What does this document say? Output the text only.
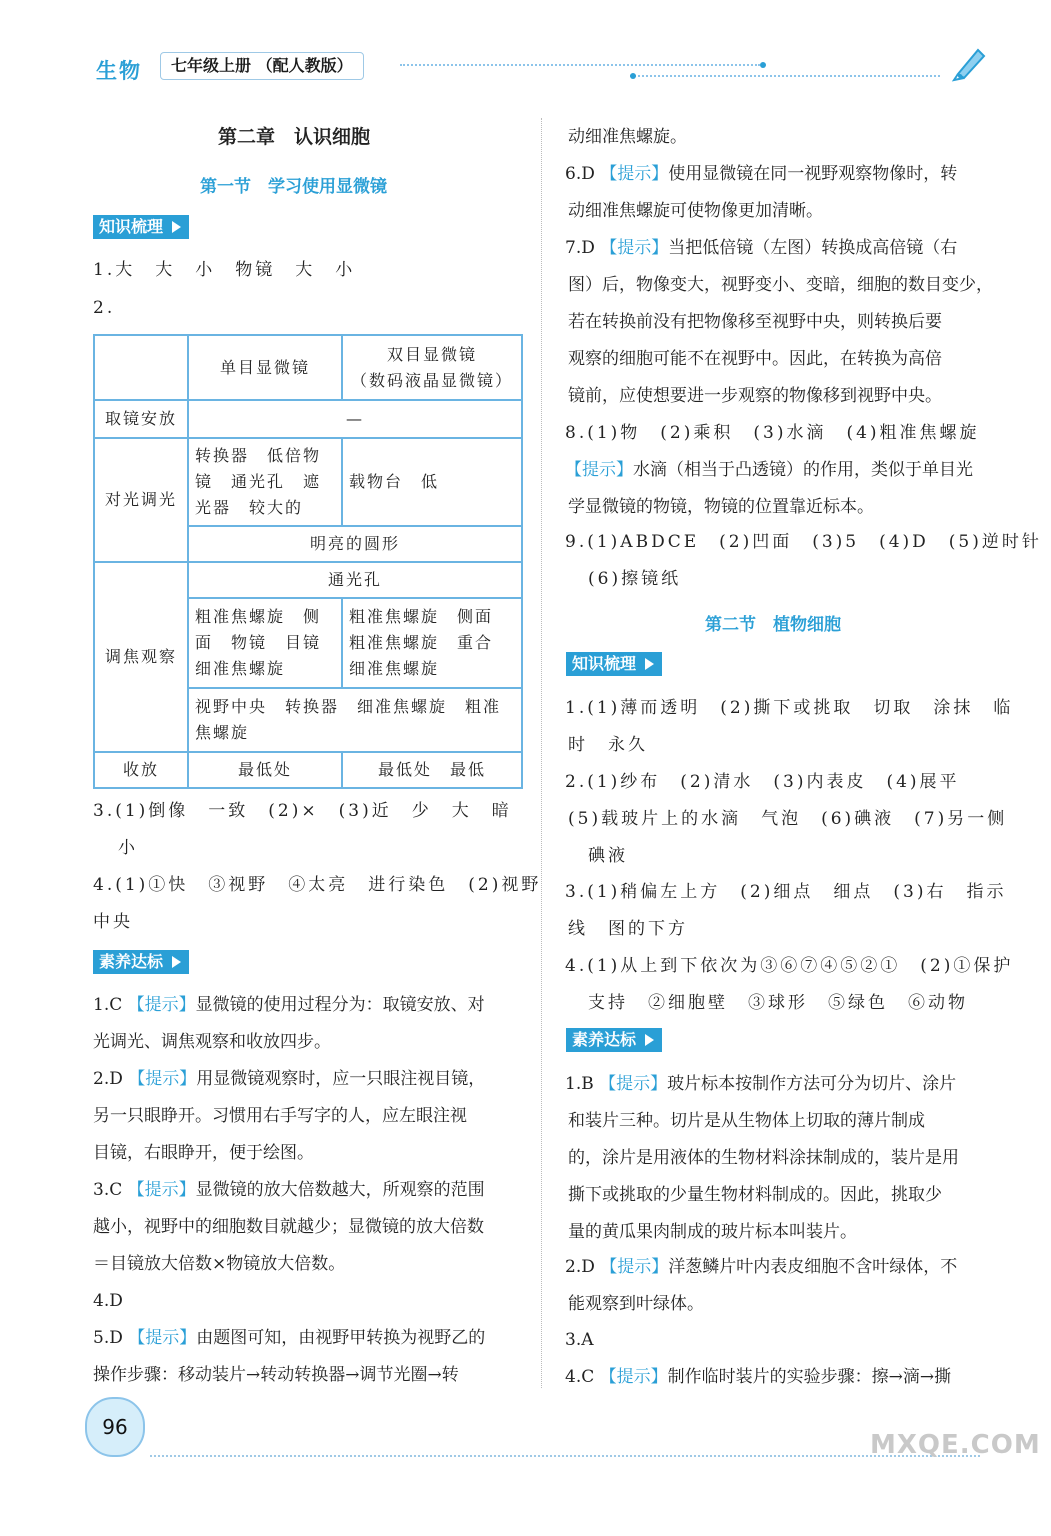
生物	七年级上册 （配人教版）
第二章　认识细胞
第一节　学习使用显微镜
知识梳理
1.大　大　小　物镜　大　小
2.
	单目显微镜	双目显微镜
（数码液晶显微镜）
取镜安放	—	
对光调光	转换器　低倍物镜　通光孔　遮光器　较大的	载物台　低
	明亮的圆形	
调焦观察	通光孔	
	粗准焦螺旋　侧面　物镜　目镜　细准焦螺旋	粗准焦螺旋　侧面　粗准焦螺旋　重合　细准焦螺旋
	视野中央　转换器　细准焦螺旋　粗准焦螺旋	
收放	最低处	最低处　最低
3.(1)倒像　一致　(2)×　(3)近　少　大　暗
小
4.(1)①快　③视野　④太亮　进行染色　(2)视野
中央
素养达标
1.C 【提示】显微镜的使用过程分为：取镜安放、对
光调光、调焦观察和收放四步。
2.D 【提示】用显微镜观察时，应一只眼注视目镜，
另一只眼睁开。习惯用右手写字的人，应左眼注视
目镜，右眼睁开，便于绘图。
3.C 【提示】显微镜的放大倍数越大，所观察的范围
越小，视野中的细胞数目就越少；显微镜的放大倍数
＝目镜放大倍数×物镜放大倍数。
4.D
5.D 【提示】由题图可知，由视野甲转换为视野乙的
操作步骤：移动装片→转动转换器→调节光圈→转
动细准焦螺旋。
6.D 【提示】使用显微镜在同一视野观察物像时，转
动细准焦螺旋可使物像更加清晰。
7.D 【提示】当把低倍镜（左图）转换成高倍镜（右
图）后，物像变大，视野变小、变暗，细胞的数目变少，
若在转换前没有把物像移至视野中央，则转换后要
观察的细胞可能不在视野中。因此，在转换为高倍
镜前，应使想要进一步观察的物像移到视野中央。
8.(1)物　(2)乘积　(3)水滴　(4)粗准焦螺旋
【提示】水滴（相当于凸透镜）的作用，类似于单目光
学显微镜的物镜，物镜的位置靠近标本。
9.(1)ABDCE　(2)凹面　(3)5　(4)D　(5)逆时针
(6)擦镜纸
第二节　植物细胞
知识梳理
1.(1)薄而透明　(2)撕下或挑取　切取　涂抹　临
时　永久
2.(1)纱布　(2)清水　(3)内表皮　(4)展平
(5)载玻片上的水滴　气泡　(6)碘液　(7)另一侧
碘液
3.(1)稍偏左上方　(2)细点　细点　(3)右　指示
线　图的下方
4.(1)从上到下依次为③⑥⑦④⑤②①　(2)①保护
支持　②细胞壁　③球形　⑤绿色　⑥动物
素养达标
1.B 【提示】玻片标本按制作方法可分为切片、涂片
和装片三种。切片是从生物体上切取的薄片制成
的，涂片是用液体的生物材料涂抹制成的，装片是用
撕下或挑取的少量生物材料制成的。因此，挑取少
量的黄瓜果肉制成的玻片标本叫装片。
2.D 【提示】洋葱鳞片叶内表皮细胞不含叶绿体，不
能观察到叶绿体。
3.A
4.C 【提示】制作临时装片的实验步骤：擦→滴→撕
96
MXQE.COM
